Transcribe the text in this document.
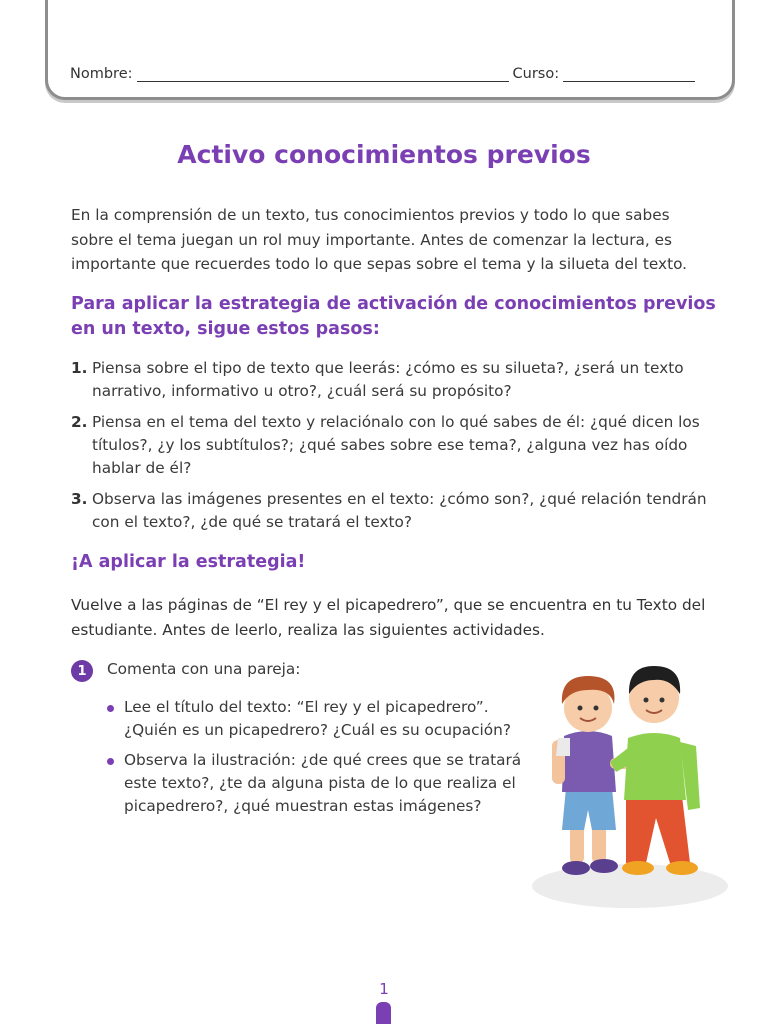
Nombre:	Curso:
Activo conocimientos previos

En la comprensión de un texto, tus conocimientos previos y todo lo que sabes sobre el tema juegan un rol muy importante. Antes de comenzar la lectura, es importante que recuerdes todo lo que sepas sobre el tema y la silueta del texto.

Para aplicar la estrategia de activación de conocimientos previos en un texto, sigue estos pasos:
1. Piensa sobre el tipo de texto que leerás: ¿cómo es su silueta?, ¿será un texto narrativo, informativo u otro?, ¿cuál será su propósito?
2. Piensa en el tema del texto y relaciónalo con lo qué sabes de él: ¿qué dicen los títulos?, ¿y los subtítulos?; ¿qué sabes sobre ese tema?, ¿alguna vez has oído hablar de él?
3. Observa las imágenes presentes en el texto: ¿cómo son?, ¿qué relación tendrán con el texto?, ¿de qué se tratará el texto?
¡A aplicar la estrategia!

Vuelve a las páginas de “El rey y el picapedrero”, que se encuentra en tu Texto del estudiante. Antes de leerlo, realiza las siguientes actividades.

1	Comenta con una pareja:
Lee el título del texto: “El rey y el picapedrero”. ¿Quién es un picapedrero? ¿Cuál es su ocupación?
Observa la ilustración: ¿de qué crees que se tratará este texto?, ¿te da alguna pista de lo que realiza el picapedrero?, ¿qué muestran estas imágenes?
1
